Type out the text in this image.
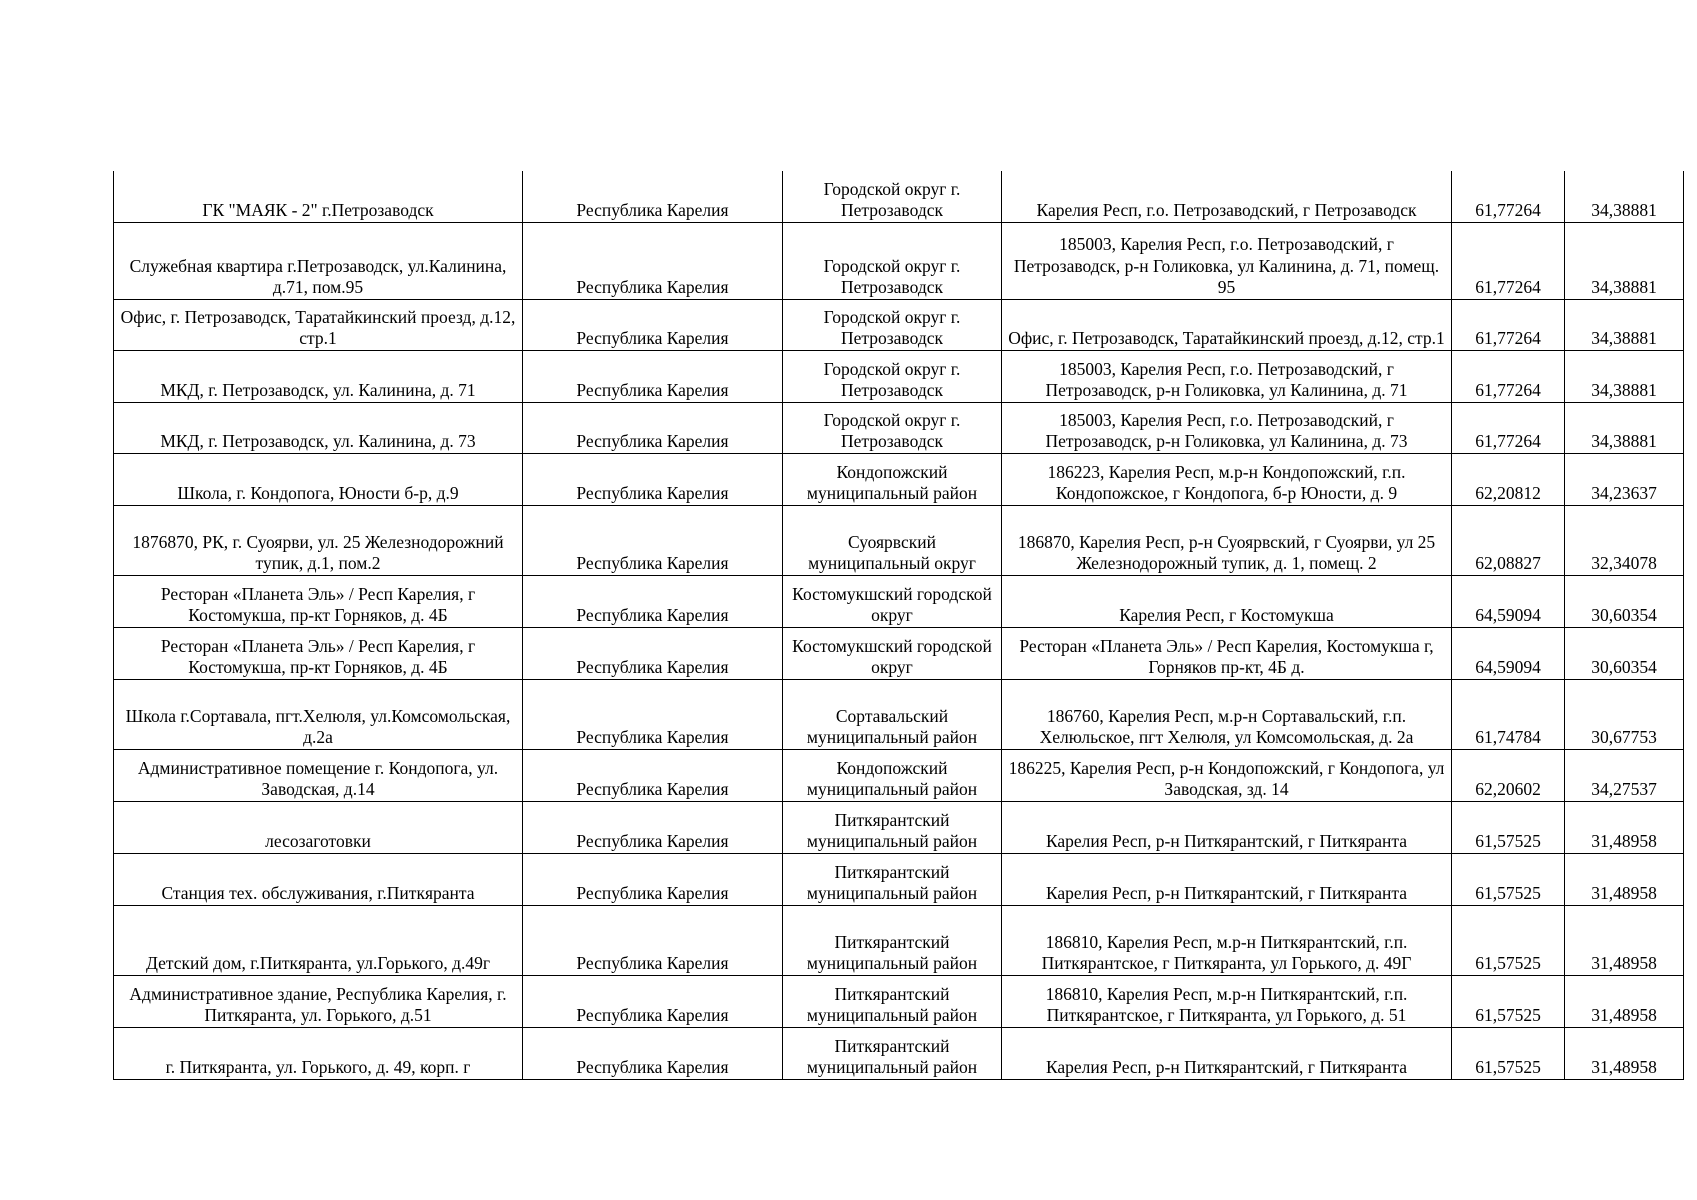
ГК "МАЯК - 2" г.Петрозаводск	Республика Карелия	Городской округ г. Петрозаводск	Карелия Респ, г.о. Петрозаводский, г Петрозаводск	61,77264	34,38881
Служебная квартира г.Петрозаводск, ул.Калинина, д.71, пом.95	Республика Карелия	Городской округ г. Петрозаводск	185003, Карелия Респ, г.о. Петрозаводский, г Петрозаводск, р-н Голиковка, ул Калинина, д. 71, помещ. 95	61,77264	34,38881
Офис, г. Петрозаводск, Таратайкинский проезд, д.12, стр.1	Республика Карелия	Городской округ г. Петрозаводск	Офис, г. Петрозаводск, Таратайкинский проезд, д.12, стр.1	61,77264	34,38881
МКД, г. Петрозаводск, ул. Калинина, д. 71	Республика Карелия	Городской округ г. Петрозаводск	185003, Карелия Респ, г.о. Петрозаводский, г Петрозаводск, р-н Голиковка, ул Калинина, д. 71	61,77264	34,38881
МКД, г. Петрозаводск, ул. Калинина, д. 73	Республика Карелия	Городской округ г. Петрозаводск	185003, Карелия Респ, г.о. Петрозаводский, г Петрозаводск, р-н Голиковка, ул Калинина, д. 73	61,77264	34,38881
Школа, г. Кондопога, Юности б-р, д.9	Республика Карелия	Кондопожский муниципальный район	186223, Карелия Респ, м.р-н Кондопожский, г.п. Кондопожское, г Кондопога, б-р Юности, д. 9	62,20812	34,23637
1876870, РК, г. Суоярви, ул. 25 Железнодорожний тупик, д.1, пом.2	Республика Карелия	Суоярвский муниципальный округ	186870, Карелия Респ, р-н Суоярвский, г Суоярви, ул 25 Железнодорожный тупик, д. 1, помещ. 2	62,08827	32,34078
Ресторан «Планета Эль» / Респ Карелия, г Костомукша, пр-кт Горняков, д. 4Б	Республика Карелия	Костомукшский городской округ	Карелия Респ, г Костомукша	64,59094	30,60354
Ресторан «Планета Эль» / Респ Карелия, г Костомукша, пр-кт Горняков, д. 4Б	Республика Карелия	Костомукшский городской округ	Ресторан «Планета Эль» / Респ Карелия, Костомукша г, Горняков пр-кт, 4Б д.	64,59094	30,60354
Школа г.Сортавала, пгт.Хелюля, ул.Комсомольская, д.2а	Республика Карелия	Сортавальский муниципальный район	186760, Карелия Респ, м.р-н Сортавальский, г.п. Хелюльское, пгт Хелюля, ул Комсомольская, д. 2а	61,74784	30,67753
Административное помещение г. Кондопога, ул. Заводская, д.14	Республика Карелия	Кондопожский муниципальный район	186225, Карелия Респ, р-н Кондопожский, г Кондопога, ул Заводская, зд. 14	62,20602	34,27537
лесозаготовки	Республика Карелия	Питкярантский муниципальный район	Карелия Респ, р-н Питкярантский, г Питкяранта	61,57525	31,48958
Станция тех. обслуживания, г.Питкяранта	Республика Карелия	Питкярантский муниципальный район	Карелия Респ, р-н Питкярантский, г Питкяранта	61,57525	31,48958
Детский дом, г.Питкяранта, ул.Горького, д.49г	Республика Карелия	Питкярантский муниципальный район	186810, Карелия Респ, м.р-н Питкярантский, г.п. Питкярантское, г Питкяранта, ул Горького, д. 49Г	61,57525	31,48958
Административное здание, Республика Карелия, г. Питкяранта, ул. Горького, д.51	Республика Карелия	Питкярантский муниципальный район	186810, Карелия Респ, м.р-н Питкярантский, г.п. Питкярантское, г Питкяранта, ул Горького, д. 51	61,57525	31,48958
г. Питкяранта, ул. Горького, д. 49, корп. г	Республика Карелия	Питкярантский муниципальный район	Карелия Респ, р-н Питкярантский, г Питкяранта	61,57525	31,48958
